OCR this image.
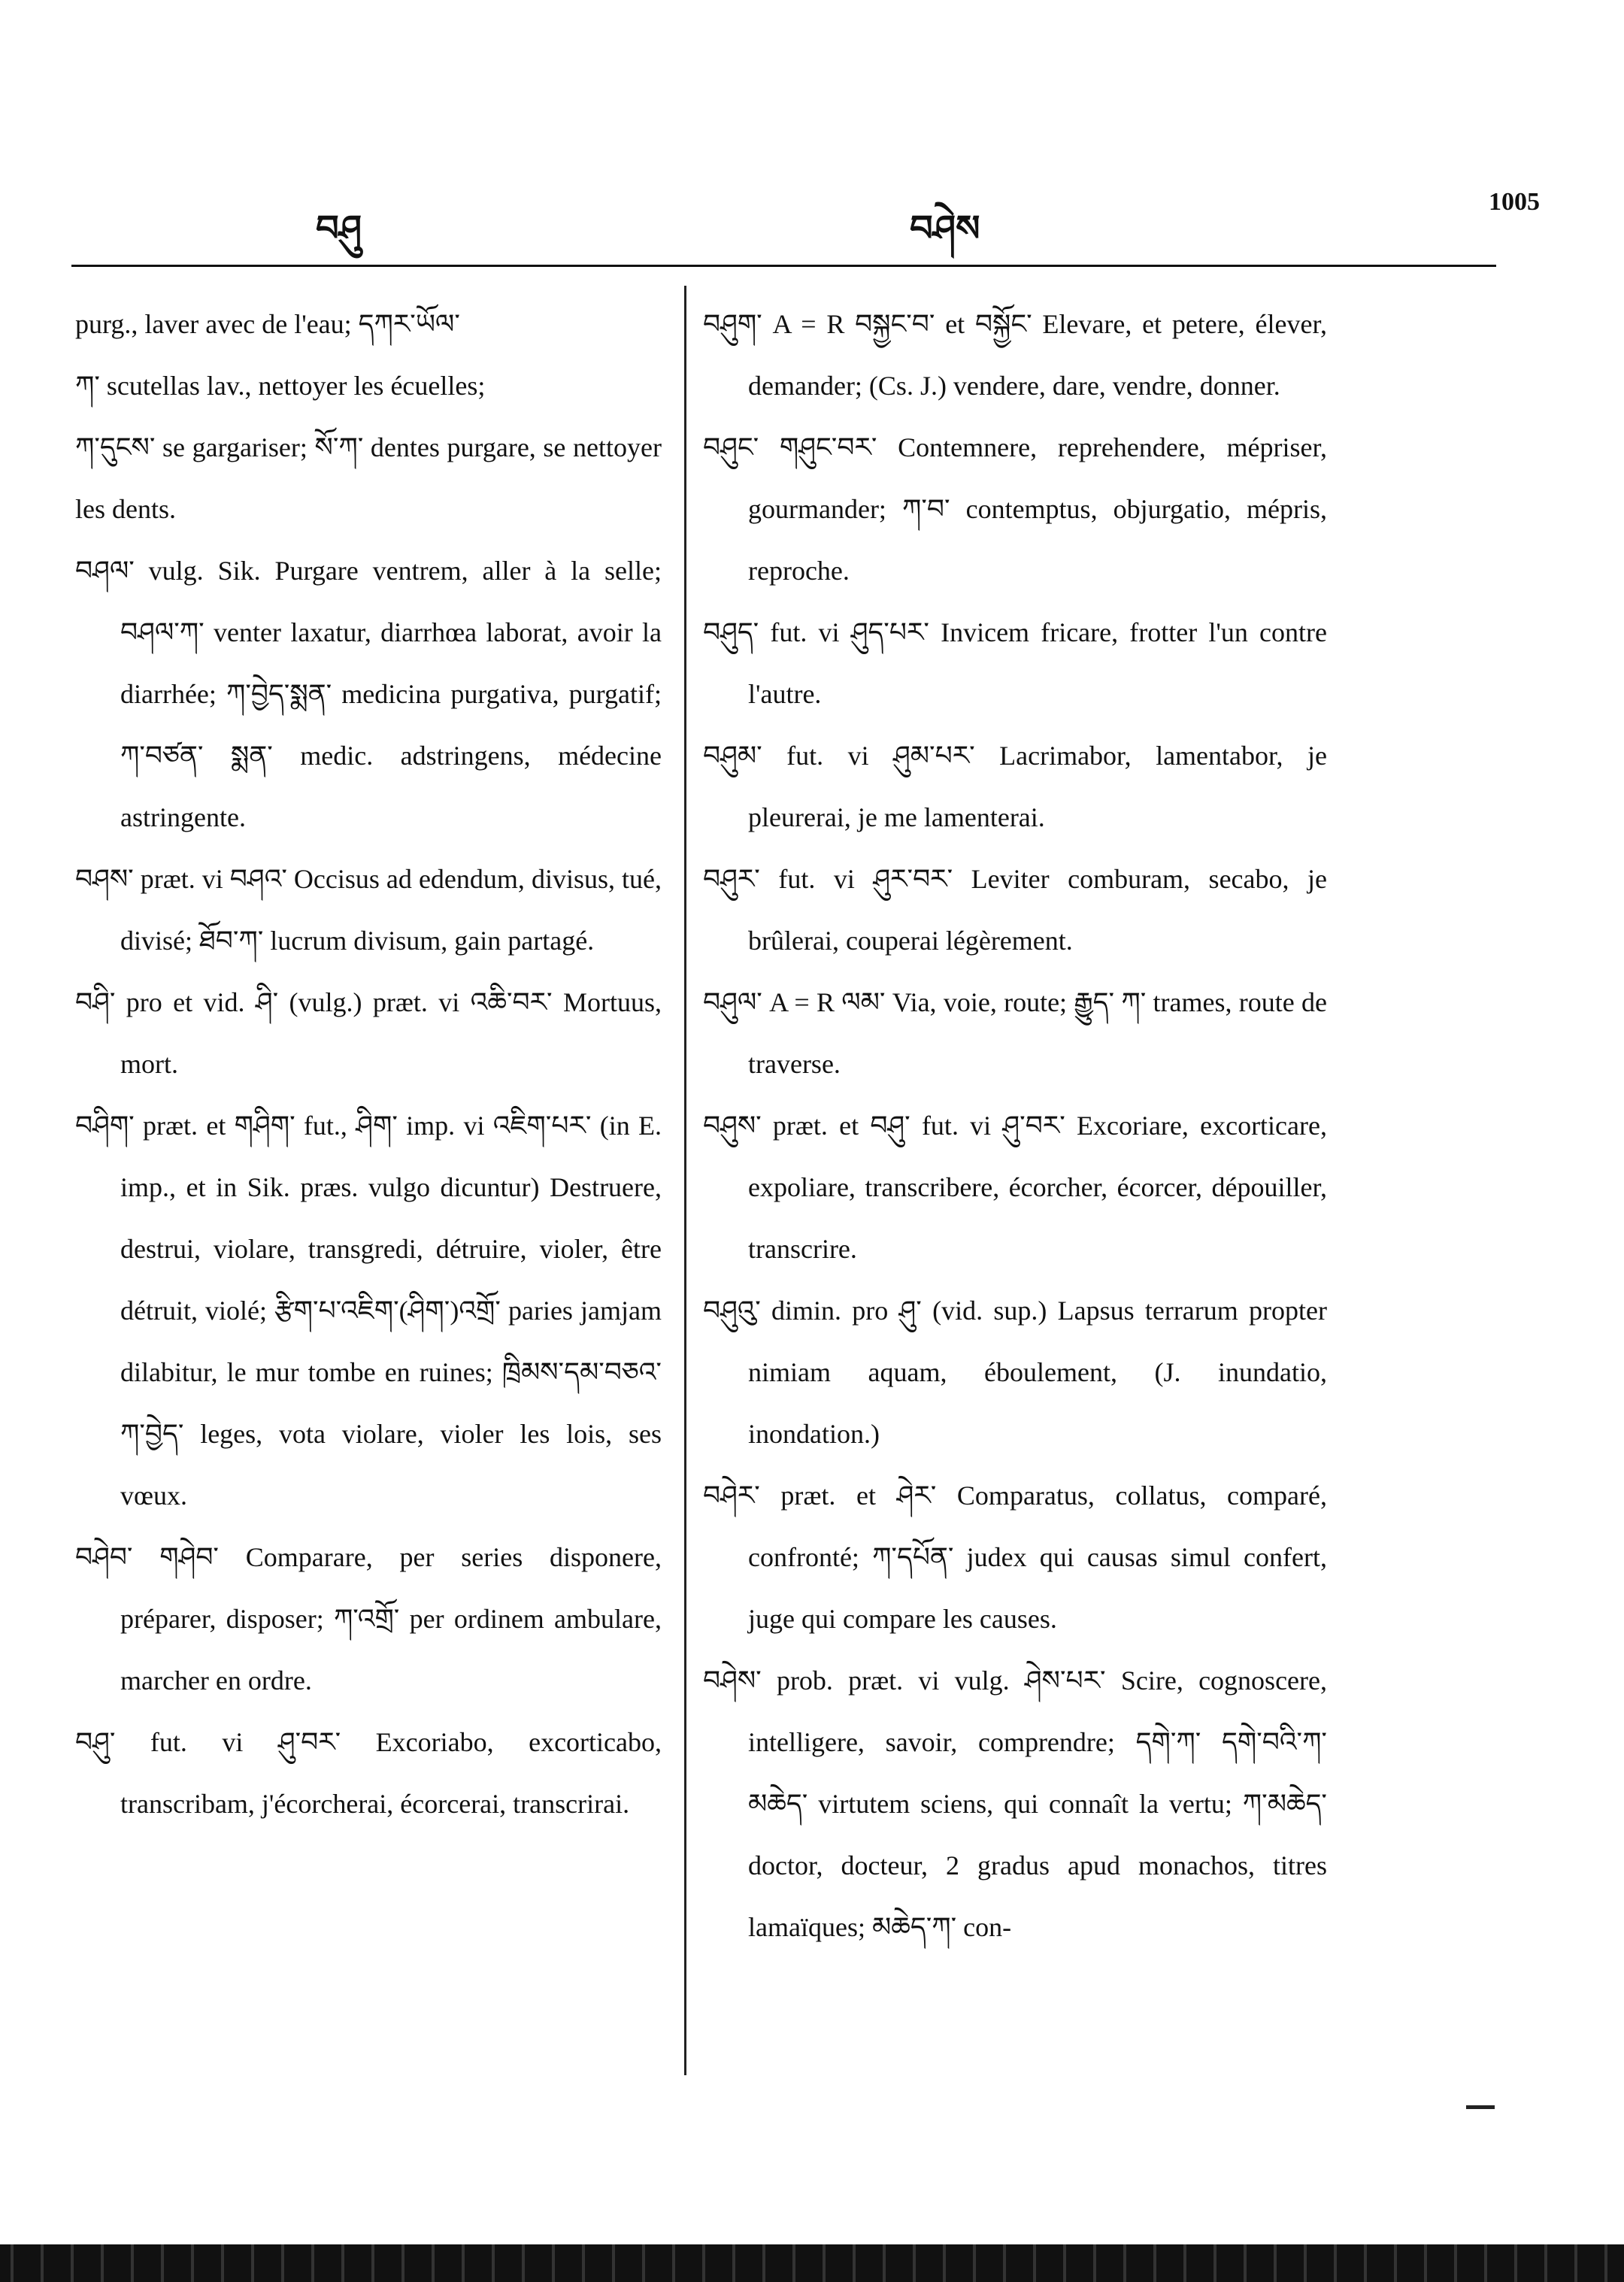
བཤུ	བཤེས
1005

purg., laver avec de l'eau; དཀར་ཡོལ་

ཀ་ scutellas lav., nettoyer les écuelles;

ཀ་དུངས་ se gargariser; སོ་ཀ་ dentes purgare, se nettoyer les dents.

བཤལ་ vulg. Sik. Purgare ventrem, aller à la selle; བཤལ་ཀ་ venter laxatur, diarrhœa laborat, avoir la diarrhée; ཀ་བྱེད་སྨན་ medicina purgativa, purgatif; ཀ་བཙན་ སྨན་ medic. adstringens, médecine astringente.

བཤས་ præt. vi བཤའ་ Occisus ad edendum, divisus, tué, divisé; ཐོབ་ཀ་ lucrum divisum, gain partagé.

བཤི་ pro et vid. ཤི་ (vulg.) præt. vi འཆི་བར་ Mortuus, mort.

བཤིག་ præt. et གཤིག་ fut., ཤིག་ imp. vi འཇིག་པར་ (in E. imp., et in Sik. præs. vulgo dicuntur) Destruere, destrui, violare, transgredi, détruire, violer, être détruit, violé; རྩིག་པ་འཇིག་(ཤིག་)འགྲོ་ paries jamjam dilabitur, le mur tombe en ruines; ཁྲིམས་དམ་བཅའ་ཀ་བྱེད་ leges, vota violare, violer les lois, ses vœux.

བཤེབ་ གཤེབ་ Comparare, per series disponere, préparer, disposer; ཀ་འགྲོ་ per ordinem ambulare, marcher en ordre.

བཤུ་ fut. vi ཤུ་བར་ Excoriabo, excorticabo, transcribam, j'écorcherai, écorcerai, transcrirai.

བཤུག་ A = R བསྐྱང་བ་ et བསྐྱོང་ Elevare, et petere, élever, demander; (Cs. J.) vendere, dare, vendre, donner.

བཤུང་ གཤུང་བར་ Contemnere, reprehendere, mépriser, gourmander; ཀ་བ་ contemptus, objurgatio, mépris, reproche.

བཤུད་ fut. vi ཤུད་པར་ Invicem fricare, frotter l'un contre l'autre.

བཤུམ་ fut. vi ཤུམ་པར་ Lacrimabor, lamentabor, je pleurerai, je me lamenterai.

བཤུར་ fut. vi ཤུར་བར་ Leviter comburam, secabo, je brûlerai, couperai légèrement.

བཤུལ་ A = R ལམ་ Via, voie, route; རྒྱུད་ ཀ་ trames, route de traverse.

བཤུས་ præt. et བཤུ་ fut. vi ཤུ་བར་ Excoriare, excorticare, expoliare, transcribere, écorcher, écorcer, dépouiller, transcrire.

བཤུའུ་ dimin. pro ཤུ་ (vid. sup.) Lapsus terrarum propter nimiam aquam, éboulement, (J. inundatio, inondation.)

བཤེར་ præt. et ཤེར་ Comparatus, collatus, comparé, confronté; ཀ་དཔོན་ judex qui causas simul confert, juge qui compare les causes.

བཤེས་ prob. præt. vi vulg. ཤེས་པར་ Scire, cognoscere, intelligere, savoir, comprendre; དགེ་ཀ་ དགེ་བའི་ཀ་མཆེད་ virtutem sciens, qui connaît la vertu; ཀ་མཆེད་ doctor, docteur, 2 gradus apud monachos, titres lamaïques; མཆེད་ཀ་ con-
